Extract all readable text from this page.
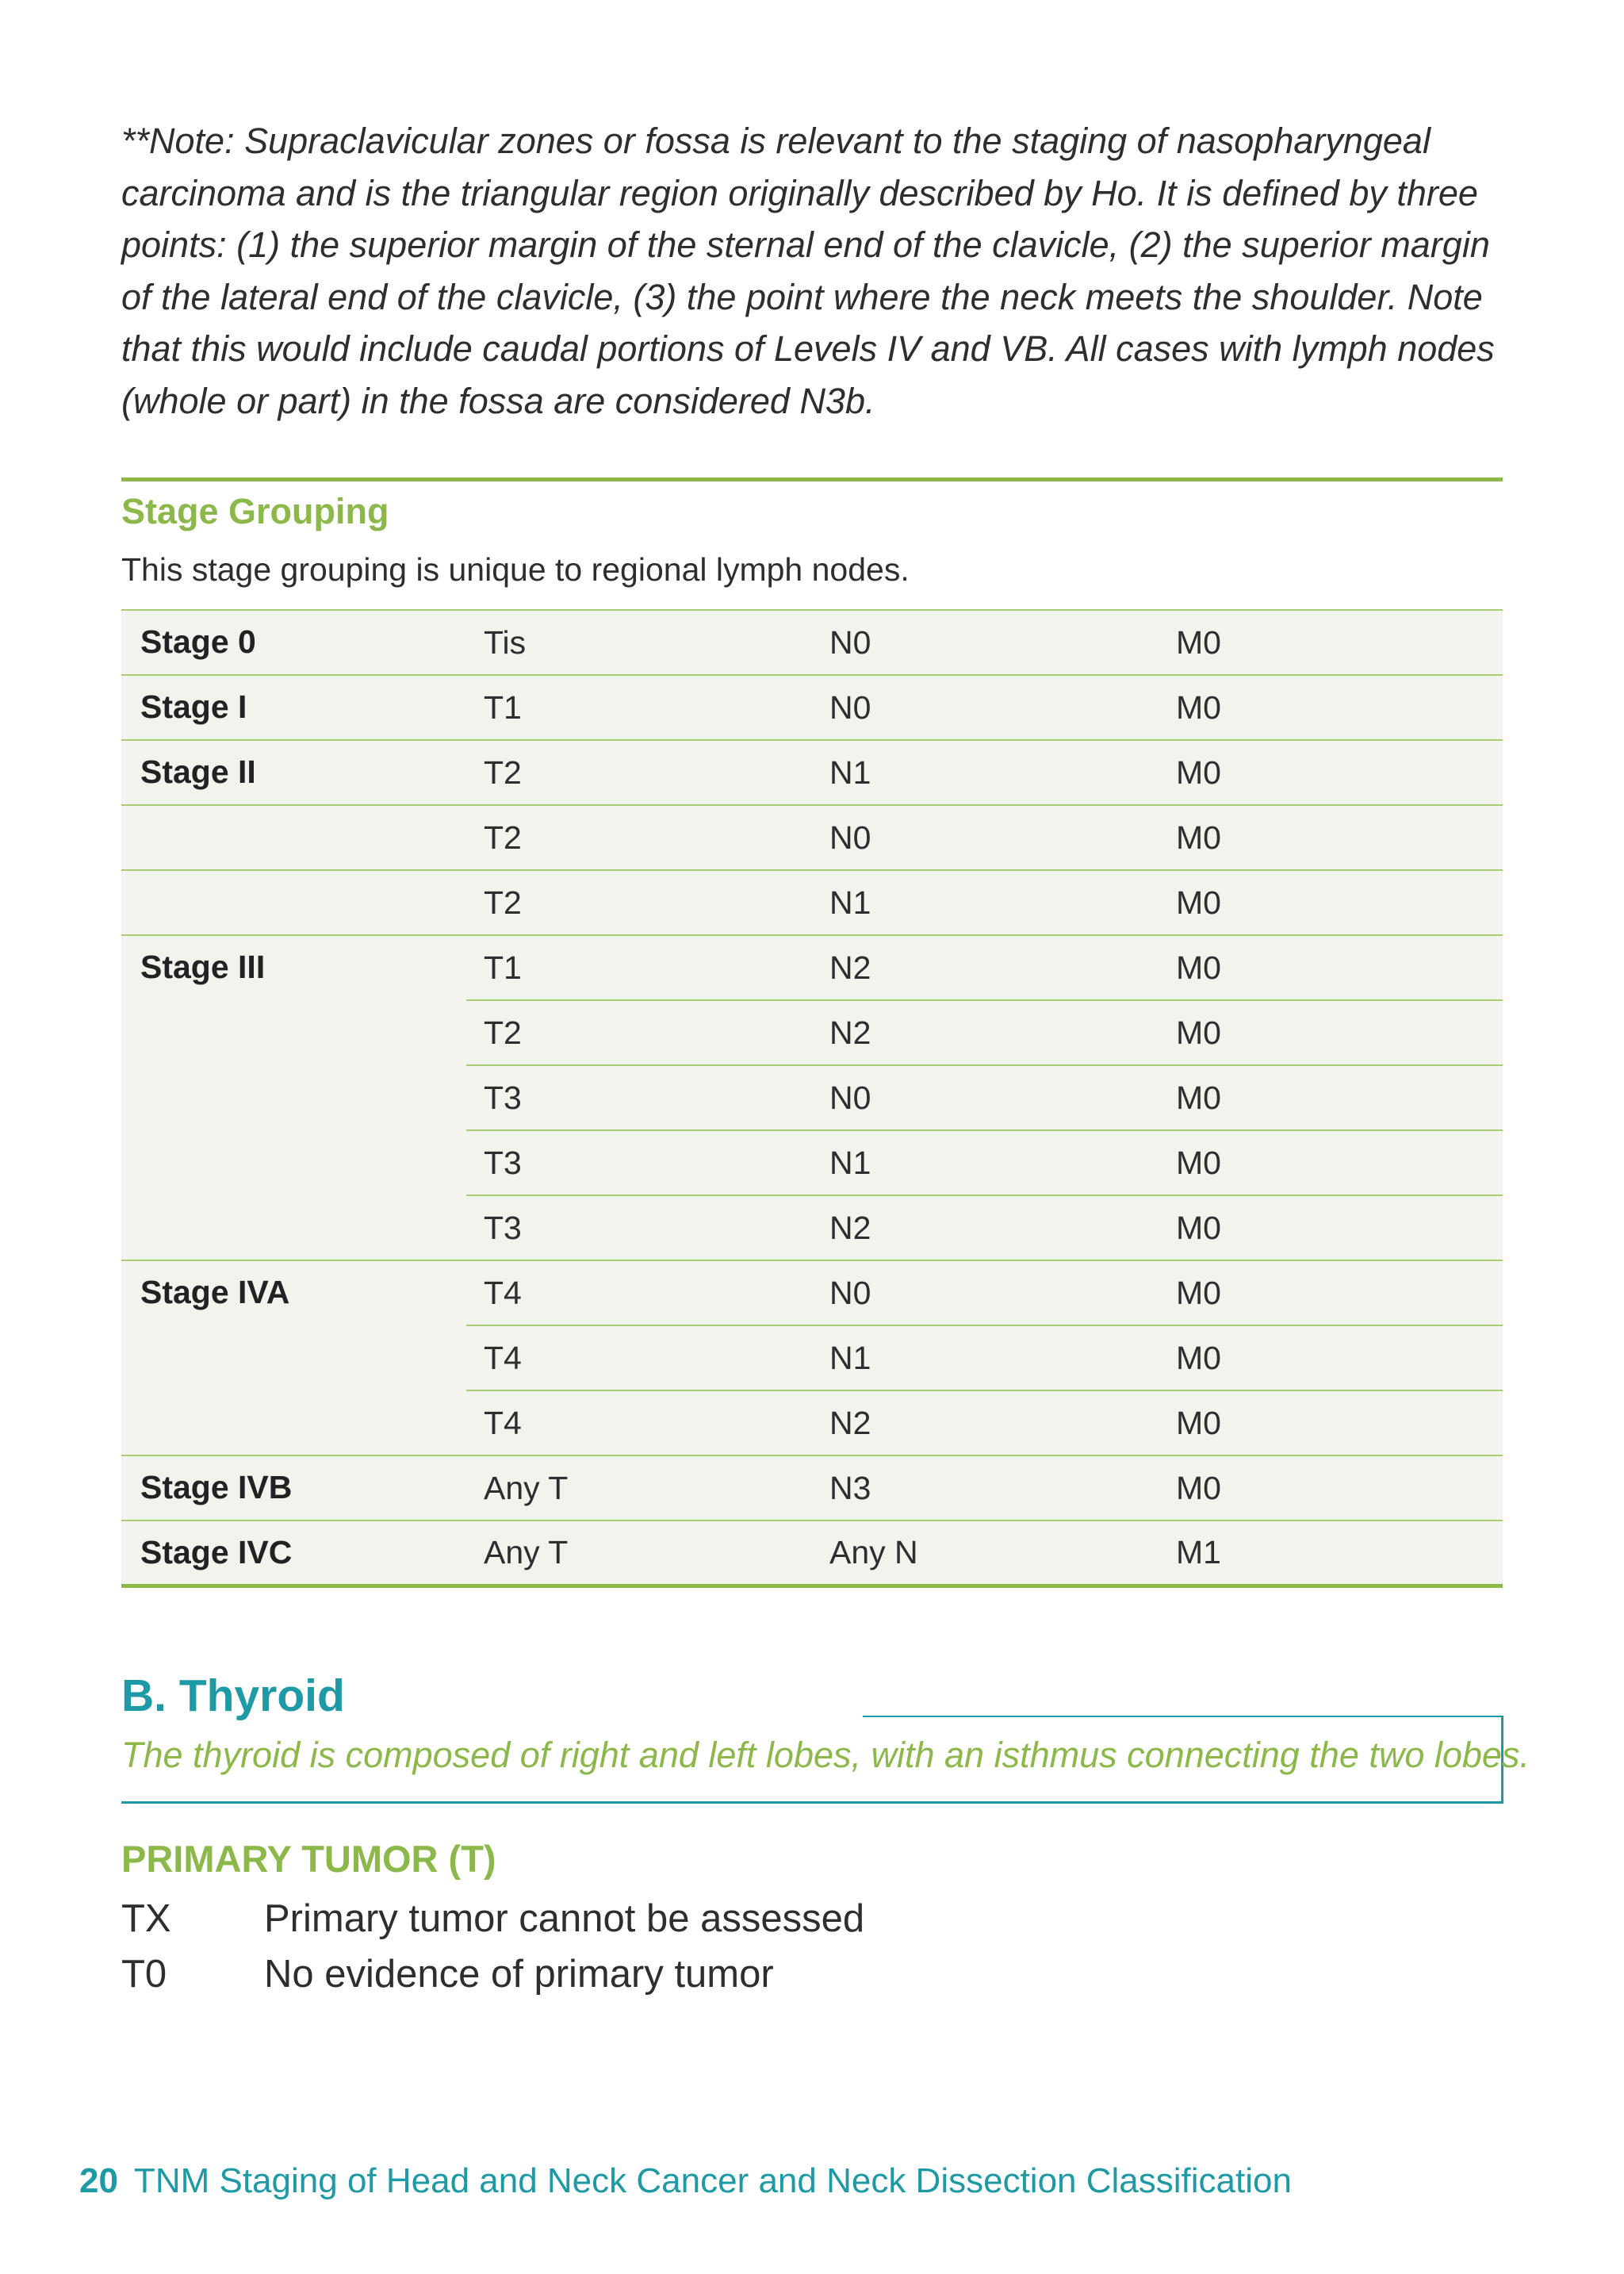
**Note: Supraclavicular zones or fossa is relevant to the staging of nasopharyngeal
carcinoma and is the triangular region originally described by Ho. It is defined by three
points: (1) the superior margin of the sternal end of the clavicle, (2) the superior margin
of the lateral end of the clavicle, (3) the point where the neck meets the shoulder. Note
that this would include caudal portions of Levels IV and VB. All cases with lymph nodes
(whole or part) in the fossa are considered N3b.

Stage Grouping

This stage grouping is unique to regional lymph nodes.

Stage 0	Tis	N0	M0
Stage I	T1	N0	M0
Stage II	T2	N1	M0
	T2	N0	M0
	T2	N1	M0
Stage III	T1	N2	M0
	T2	N2	M0
	T3	N0	M0
	T3	N1	M0
	T3	N2	M0
Stage IVA	T4	N0	M0
	T4	N1	M0
	T4	N2	M0
Stage IVB	Any T	N3	M0
Stage IVC	Any T	Any N	M1
B. Thyroid

The thyroid is composed of right and left lobes, with an isthmus connecting the two lobes.

PRIMARY TUMOR (T)

TX Primary tumor cannot be assessed

T0	No evidence of primary tumor

20 TNM Staging of Head and Neck Cancer and Neck Dissection Classification
